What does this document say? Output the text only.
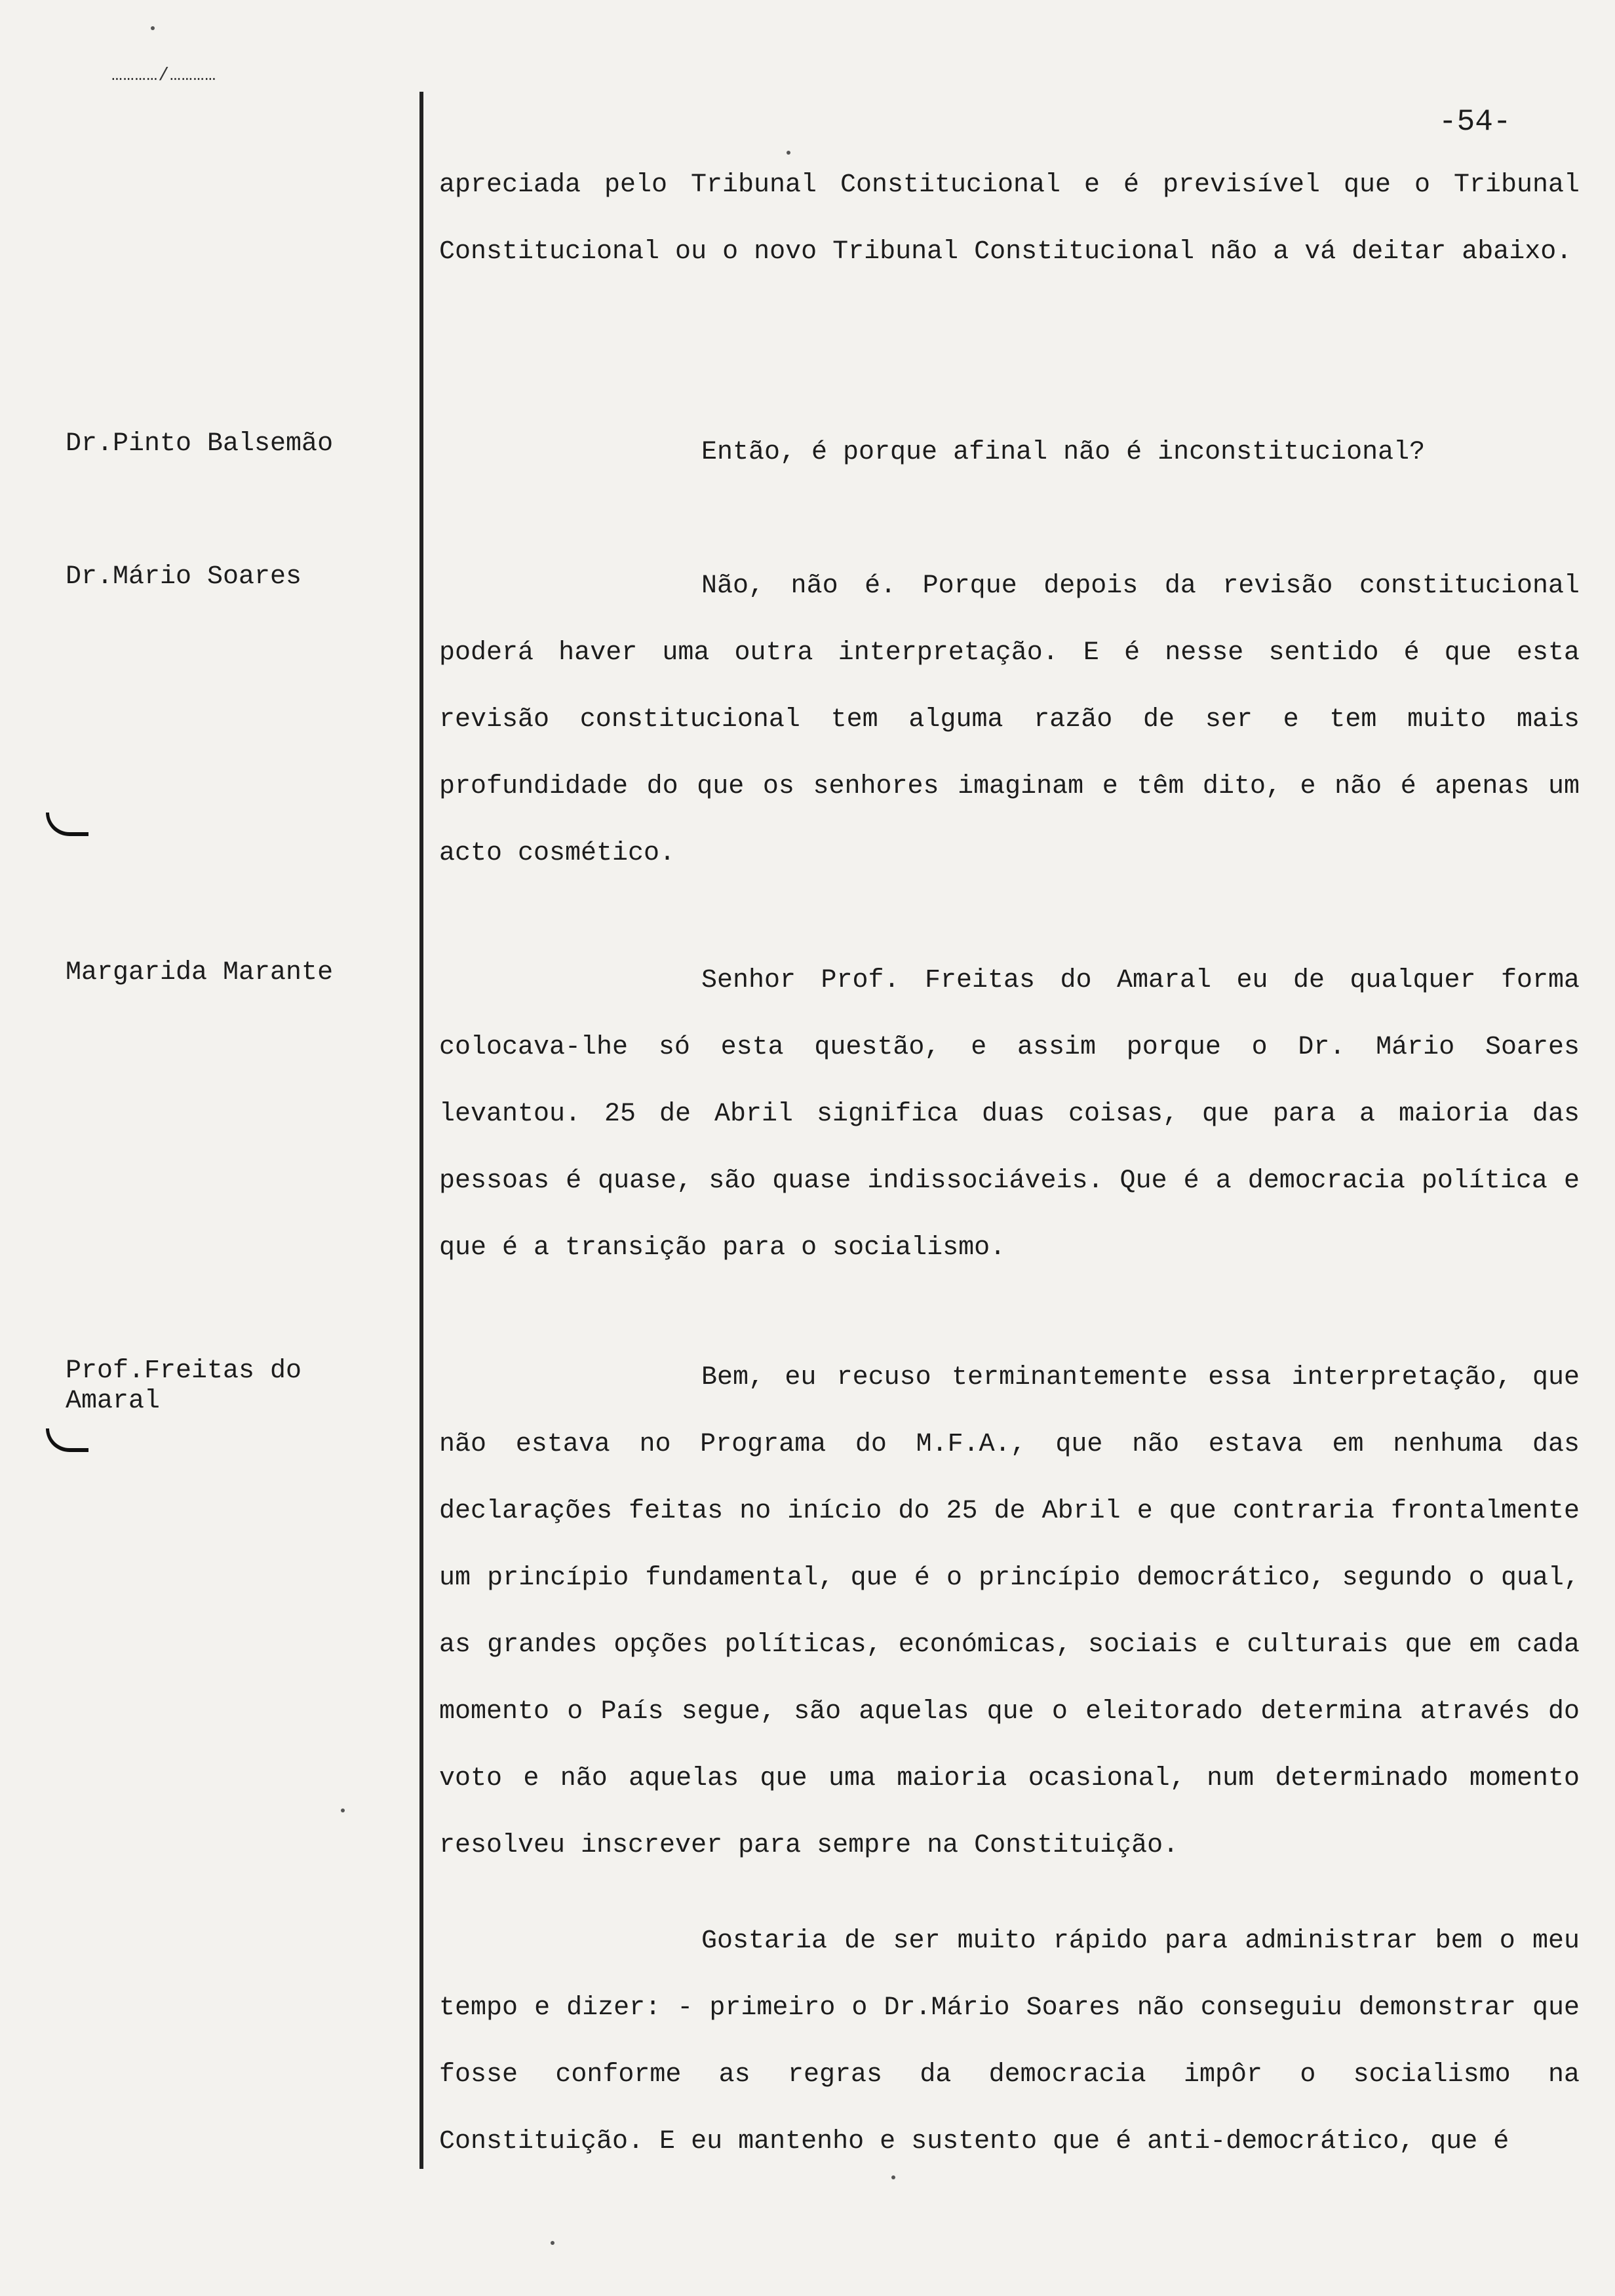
…………/…………
-54-
Dr.Pinto Balsemão
Dr.Mário Soares
Margarida Marante
Prof.Freitas do Amaral

apreciada pelo Tribunal Constitucional e é previsível que o Tribunal Constitucional ou o novo Tribunal Constitucional não a vá deitar abaixo.

Então, é porque afinal não é inconstitucional?

Não, não é. Porque depois da revisão constitucional poderá haver uma outra interpretação. E é nesse sentido é que esta revisão constitucional tem alguma razão de ser e tem muito mais profundidade do que os senhores imaginam e têm dito, e não é apenas um acto cosmético.

Senhor Prof. Freitas do Amaral eu de qualquer forma colocava-lhe só esta questão, e assim porque o Dr. Mário Soares levantou. 25 de Abril significa duas coisas, que para a maioria das pessoas é quase, são quase indissociáveis. Que é a democracia política e que é a transição para o socialismo.

Bem, eu recuso terminantemente essa interpretação, que não estava no Programa do M.F.A., que não estava em nenhuma das declarações feitas no início do 25 de Abril e que contraria frontalmente um princípio fundamental, que é o princípio democrático, segundo o qual, as grandes opções políticas, económicas, sociais e culturais que em cada momento o País segue, são aquelas que o eleitorado determina através do voto e não aquelas que uma maioria ocasional, num determinado momento resolveu inscrever para sempre na Constituição.

Gostaria de ser muito rápido para administrar bem o meu tempo e dizer: - primeiro o Dr.Mário Soares não conseguiu demonstrar que fosse conforme as regras da democracia impôr o socialismo na Constituição. E eu mantenho e sustento que é anti-democrático, que é
